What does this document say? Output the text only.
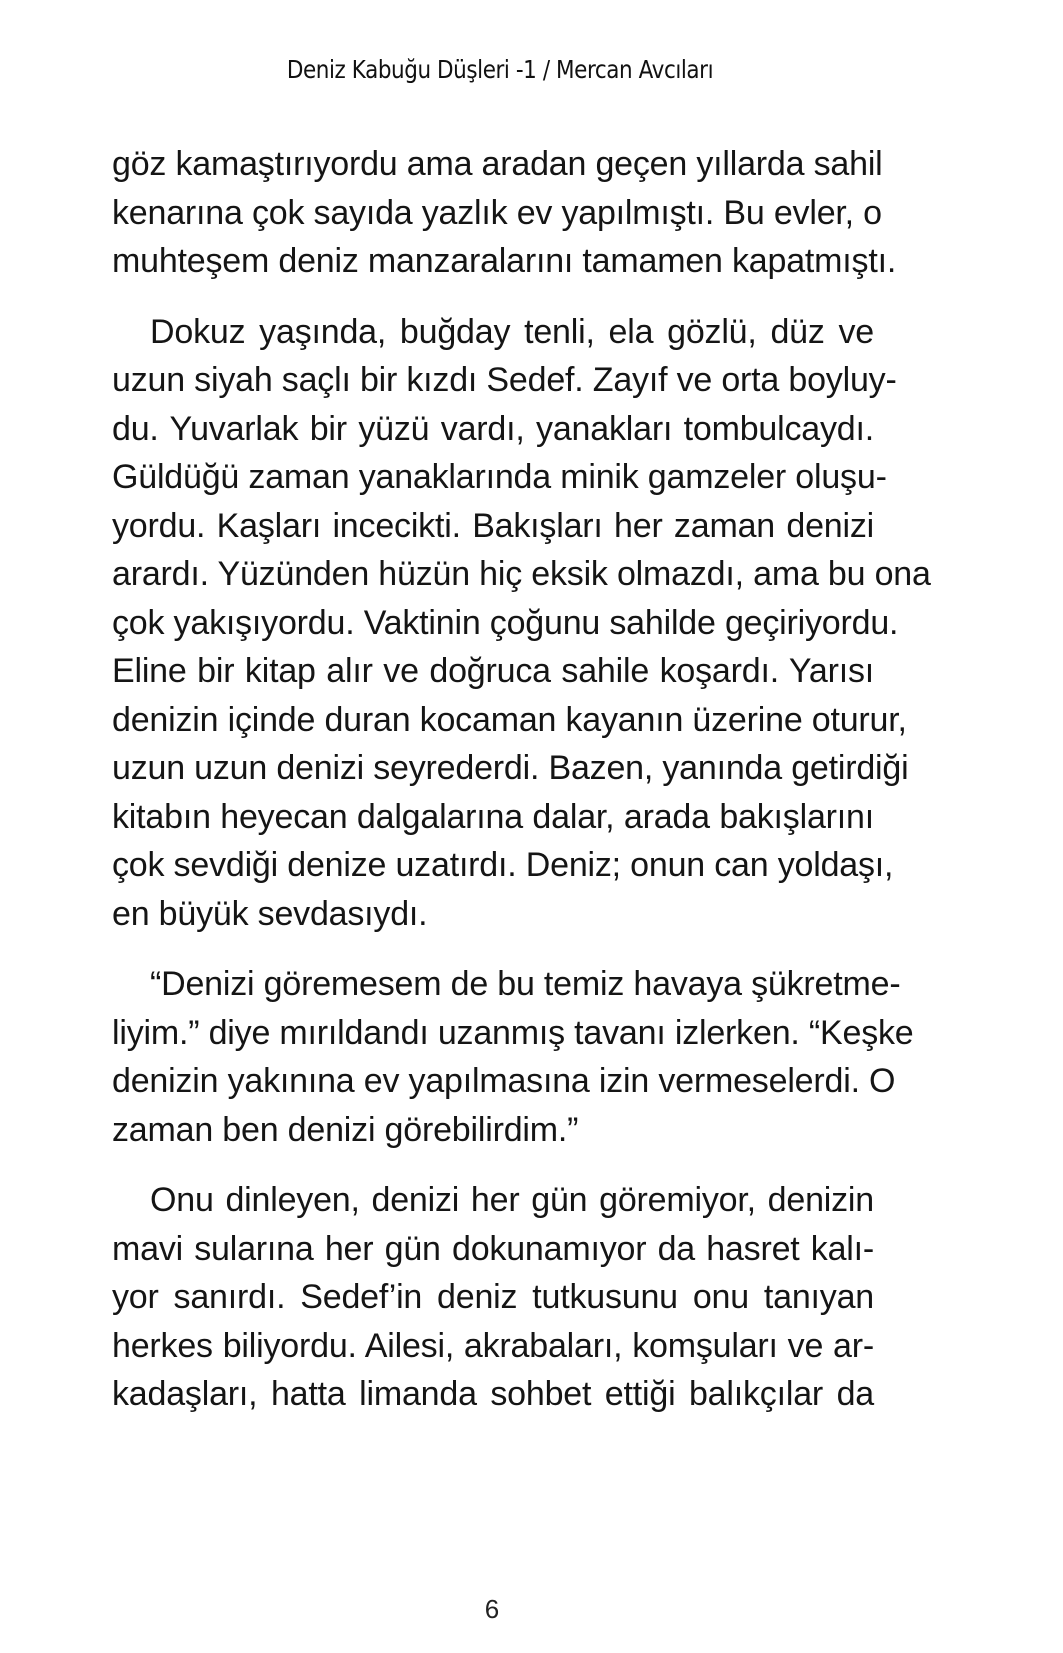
Deniz Kabuğu Düşleri -1 / Mercan Avcıları

göz kamaştırıyordu ama aradan geçen yıllarda sahil
kenarına çok sayıda yazlık ev yapılmıştı. Bu evler, o
muhteşem deniz manzaralarını tamamen kapatmıştı.

Dokuz yaşında, buğday tenli, ela gözlü, düz ve
uzun siyah saçlı bir kızdı Sedef. Zayıf ve orta boyluy-
du. Yuvarlak bir yüzü vardı, yanakları tombulcaydı.
Güldüğü zaman yanaklarında minik gamzeler oluşu-
yordu. Kaşları incecikti. Bakışları her zaman denizi
arardı. Yüzünden hüzün hiç eksik olmazdı, ama bu ona
çok yakışıyordu. Vaktinin çoğunu sahilde geçiriyordu.
Eline bir kitap alır ve doğruca sahile koşardı. Yarısı
denizin içinde duran kocaman kayanın üzerine oturur,
uzun uzun denizi seyrederdi. Bazen, yanında getirdiği
kitabın heyecan dalgalarına dalar, arada bakışlarını
çok sevdiği denize uzatırdı. Deniz; onun can yoldaşı,
en büyük sevdasıydı.

“Denizi göremesem de bu temiz havaya şükretme-
liyim.” diye mırıldandı uzanmış tavanı izlerken. “Keşke
denizin yakınına ev yapılmasına izin vermeselerdi. O
zaman ben denizi görebilirdim.”

Onu dinleyen, denizi her gün göremiyor, denizin
mavi sularına her gün dokunamıyor da hasret kalı-
yor sanırdı. Sedef’in deniz tutkusunu onu tanıyan
herkes biliyordu. Ailesi, akrabaları, komşuları ve ar-
kadaşları, hatta limanda sohbet ettiği balıkçılar da

6
